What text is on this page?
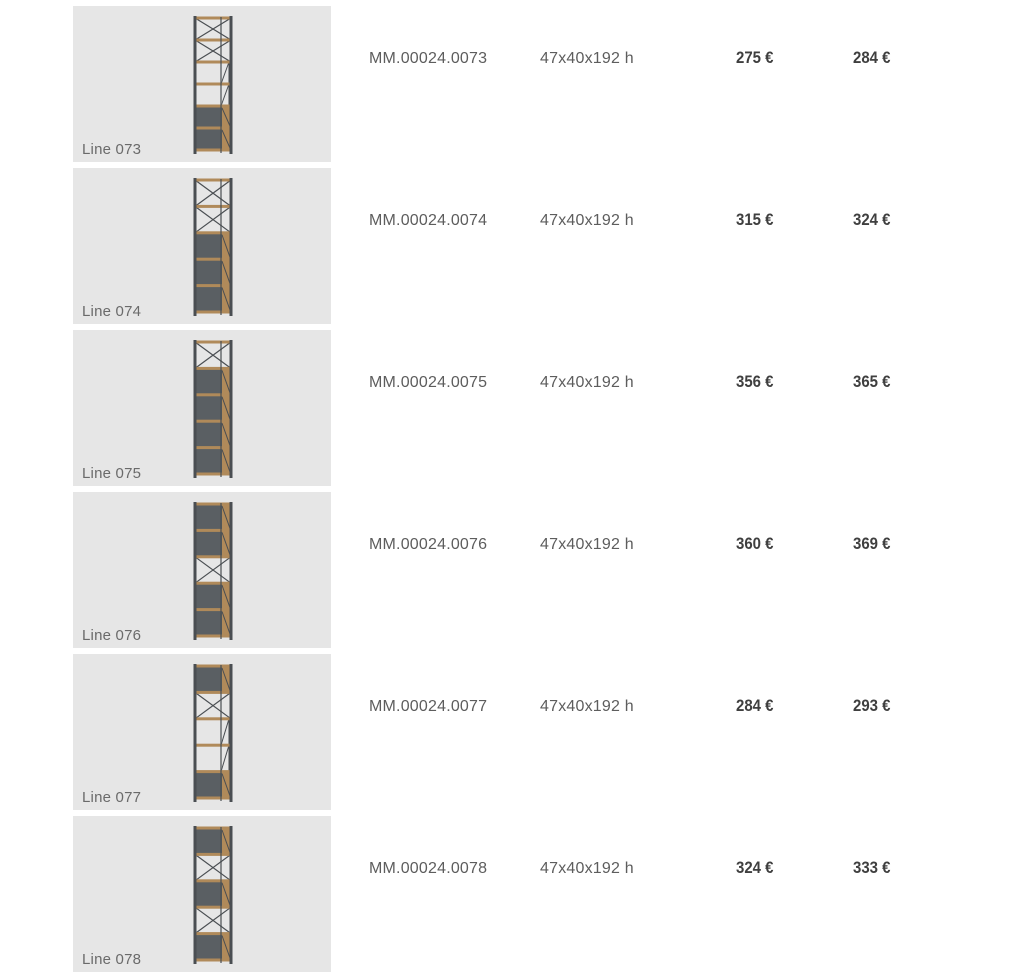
Line 073
MM.00024.0073	47x40x192 h	275 €	284 €
Line 074
MM.00024.0074	47x40x192 h	315 €	324 €
Line 075
MM.00024.0075	47x40x192 h	356 €	365 €
Line 076
MM.00024.0076	47x40x192 h	360 €	369 €
Line 077
MM.00024.0077	47x40x192 h	284 €	293 €
Line 078
MM.00024.0078	47x40x192 h	324 €	333 €
